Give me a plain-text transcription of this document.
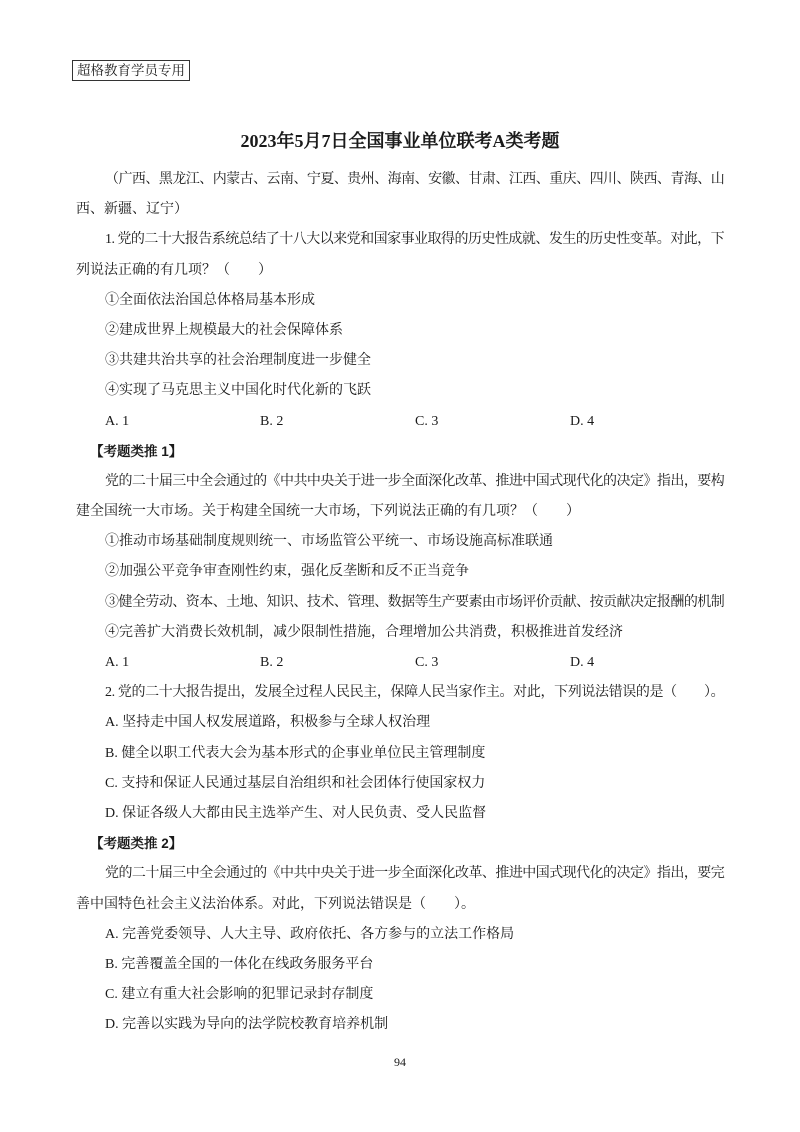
超格教育学员专用
2023年5月7日全国事业单位联考A类考题
（广西、黑龙江、内蒙古、云南、宁夏、贵州、海南、安徽、甘肃、江西、重庆、四川、陕西、青海、山
西、新疆、辽宁）
1. 党的二十大报告系统总结了十八大以来党和国家事业取得的历史性成就、发生的历史性变革。对此，下
列说法正确的有几项？（　　）
①全面依法治国总体格局基本形成
②建成世界上规模最大的社会保障体系
③共建共治共享的社会治理制度进一步健全
④实现了马克思主义中国化时代化新的飞跃
A. 1	B. 2	C. 3	D. 4
【考题类推 1】
党的二十届三中全会通过的《中共中央关于进一步全面深化改革、推进中国式现代化的决定》指出，要构
建全国统一大市场。关于构建全国统一大市场，下列说法正确的有几项？（　　）
①推动市场基础制度规则统一、市场监管公平统一、市场设施高标准联通
②加强公平竞争审查刚性约束，强化反垄断和反不正当竞争
③健全劳动、资本、土地、知识、技术、管理、数据等生产要素由市场评价贡献、按贡献决定报酬的机制
④完善扩大消费长效机制，减少限制性措施，合理增加公共消费，积极推进首发经济
A. 1	B. 2	C. 3	D. 4
2. 党的二十大报告提出，发展全过程人民民主，保障人民当家作主。对此，下列说法错误的是（　　）。
A. 坚持走中国人权发展道路，积极参与全球人权治理
B. 健全以职工代表大会为基本形式的企事业单位民主管理制度
C. 支持和保证人民通过基层自治组织和社会团体行使国家权力
D. 保证各级人大都由民主选举产生、对人民负责、受人民监督
【考题类推 2】
党的二十届三中全会通过的《中共中央关于进一步全面深化改革、推进中国式现代化的决定》指出，要完
善中国特色社会主义法治体系。对此，下列说法错误是（　　）。
A. 完善党委领导、人大主导、政府依托、各方参与的立法工作格局
B. 完善覆盖全国的一体化在线政务服务平台
C. 建立有重大社会影响的犯罪记录封存制度
D. 完善以实践为导向的法学院校教育培养机制
94
